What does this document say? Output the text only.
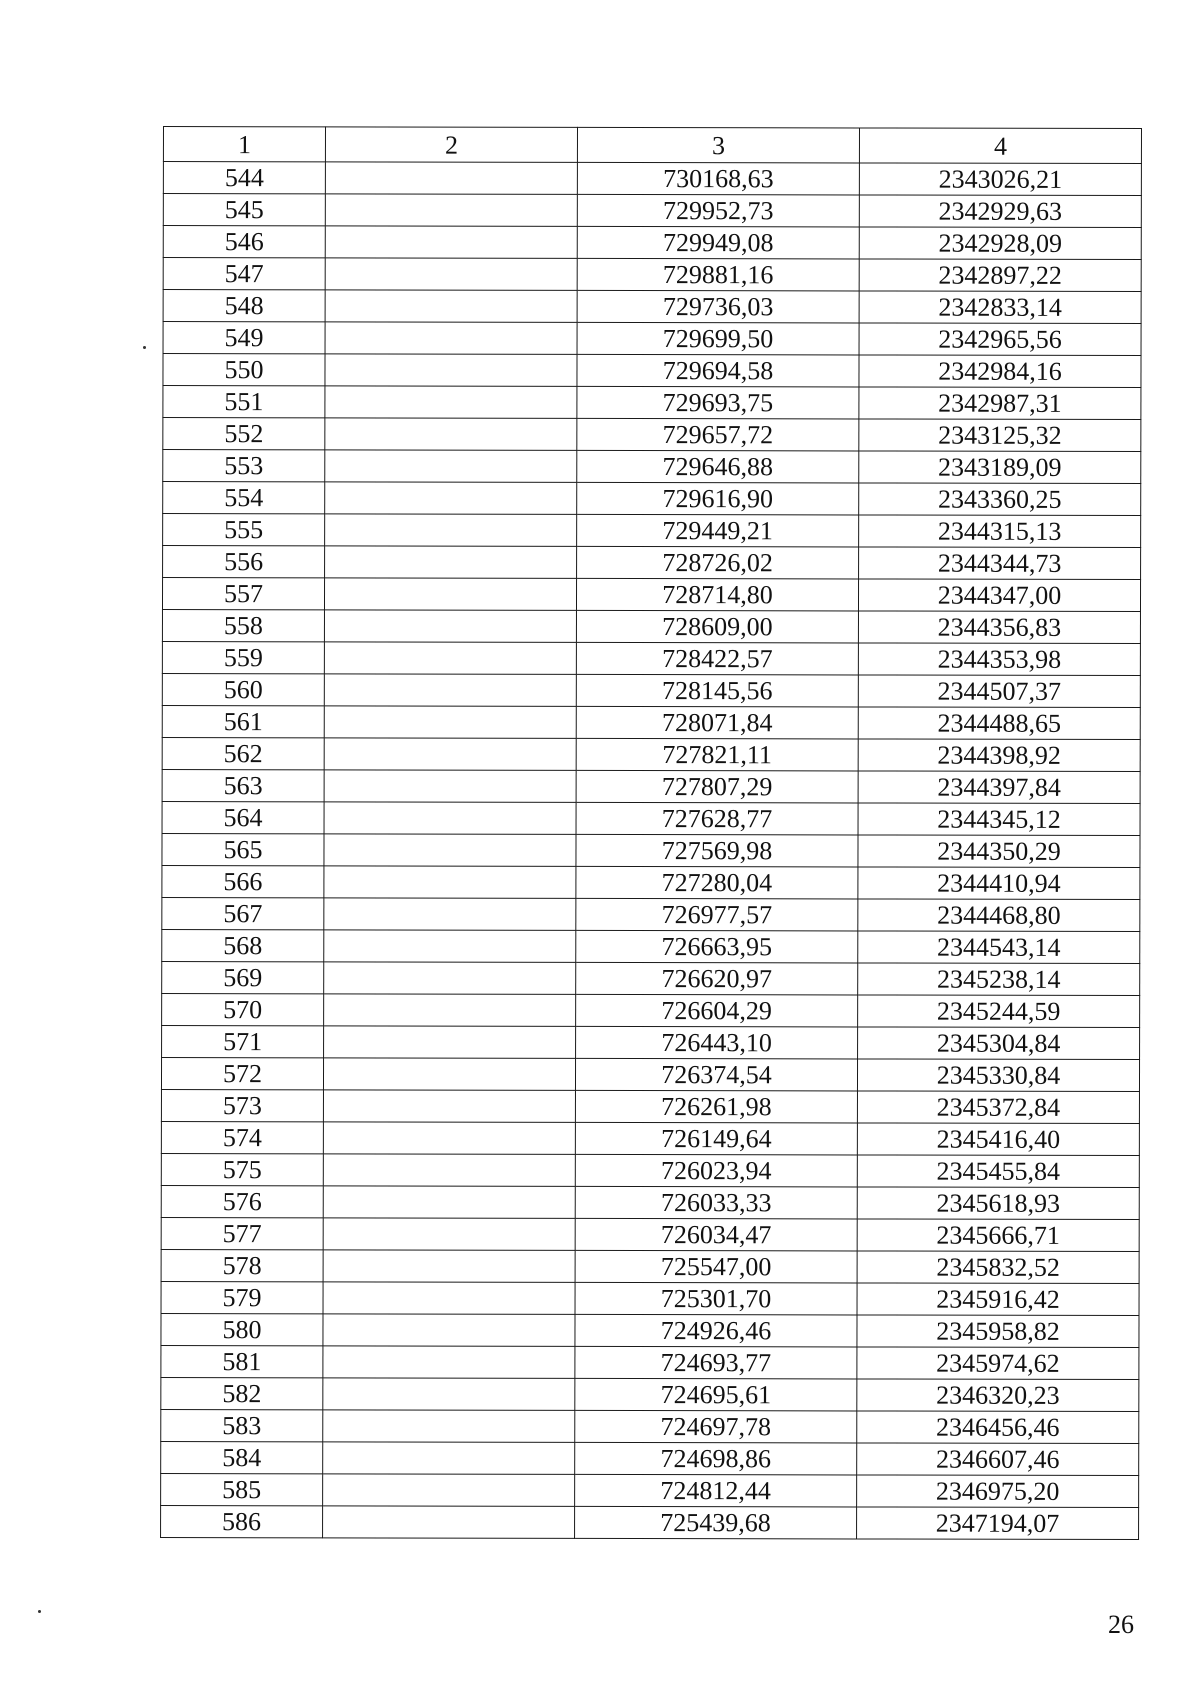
1	2	3	4
544		730168,63	2343026,21
545		729952,73	2342929,63
546		729949,08	2342928,09
547		729881,16	2342897,22
548		729736,03	2342833,14
549		729699,50	2342965,56
550		729694,58	2342984,16
551		729693,75	2342987,31
552		729657,72	2343125,32
553		729646,88	2343189,09
554		729616,90	2343360,25
555		729449,21	2344315,13
556		728726,02	2344344,73
557		728714,80	2344347,00
558		728609,00	2344356,83
559		728422,57	2344353,98
560		728145,56	2344507,37
561		728071,84	2344488,65
562		727821,11	2344398,92
563		727807,29	2344397,84
564		727628,77	2344345,12
565		727569,98	2344350,29
566		727280,04	2344410,94
567		726977,57	2344468,80
568		726663,95	2344543,14
569		726620,97	2345238,14
570		726604,29	2345244,59
571		726443,10	2345304,84
572		726374,54	2345330,84
573		726261,98	2345372,84
574		726149,64	2345416,40
575		726023,94	2345455,84
576		726033,33	2345618,93
577		726034,47	2345666,71
578		725547,00	2345832,52
579		725301,70	2345916,42
580		724926,46	2345958,82
581		724693,77	2345974,62
582		724695,61	2346320,23
583		724697,78	2346456,46
584		724698,86	2346607,46
585		724812,44	2346975,20
586		725439,68	2347194,07
26
